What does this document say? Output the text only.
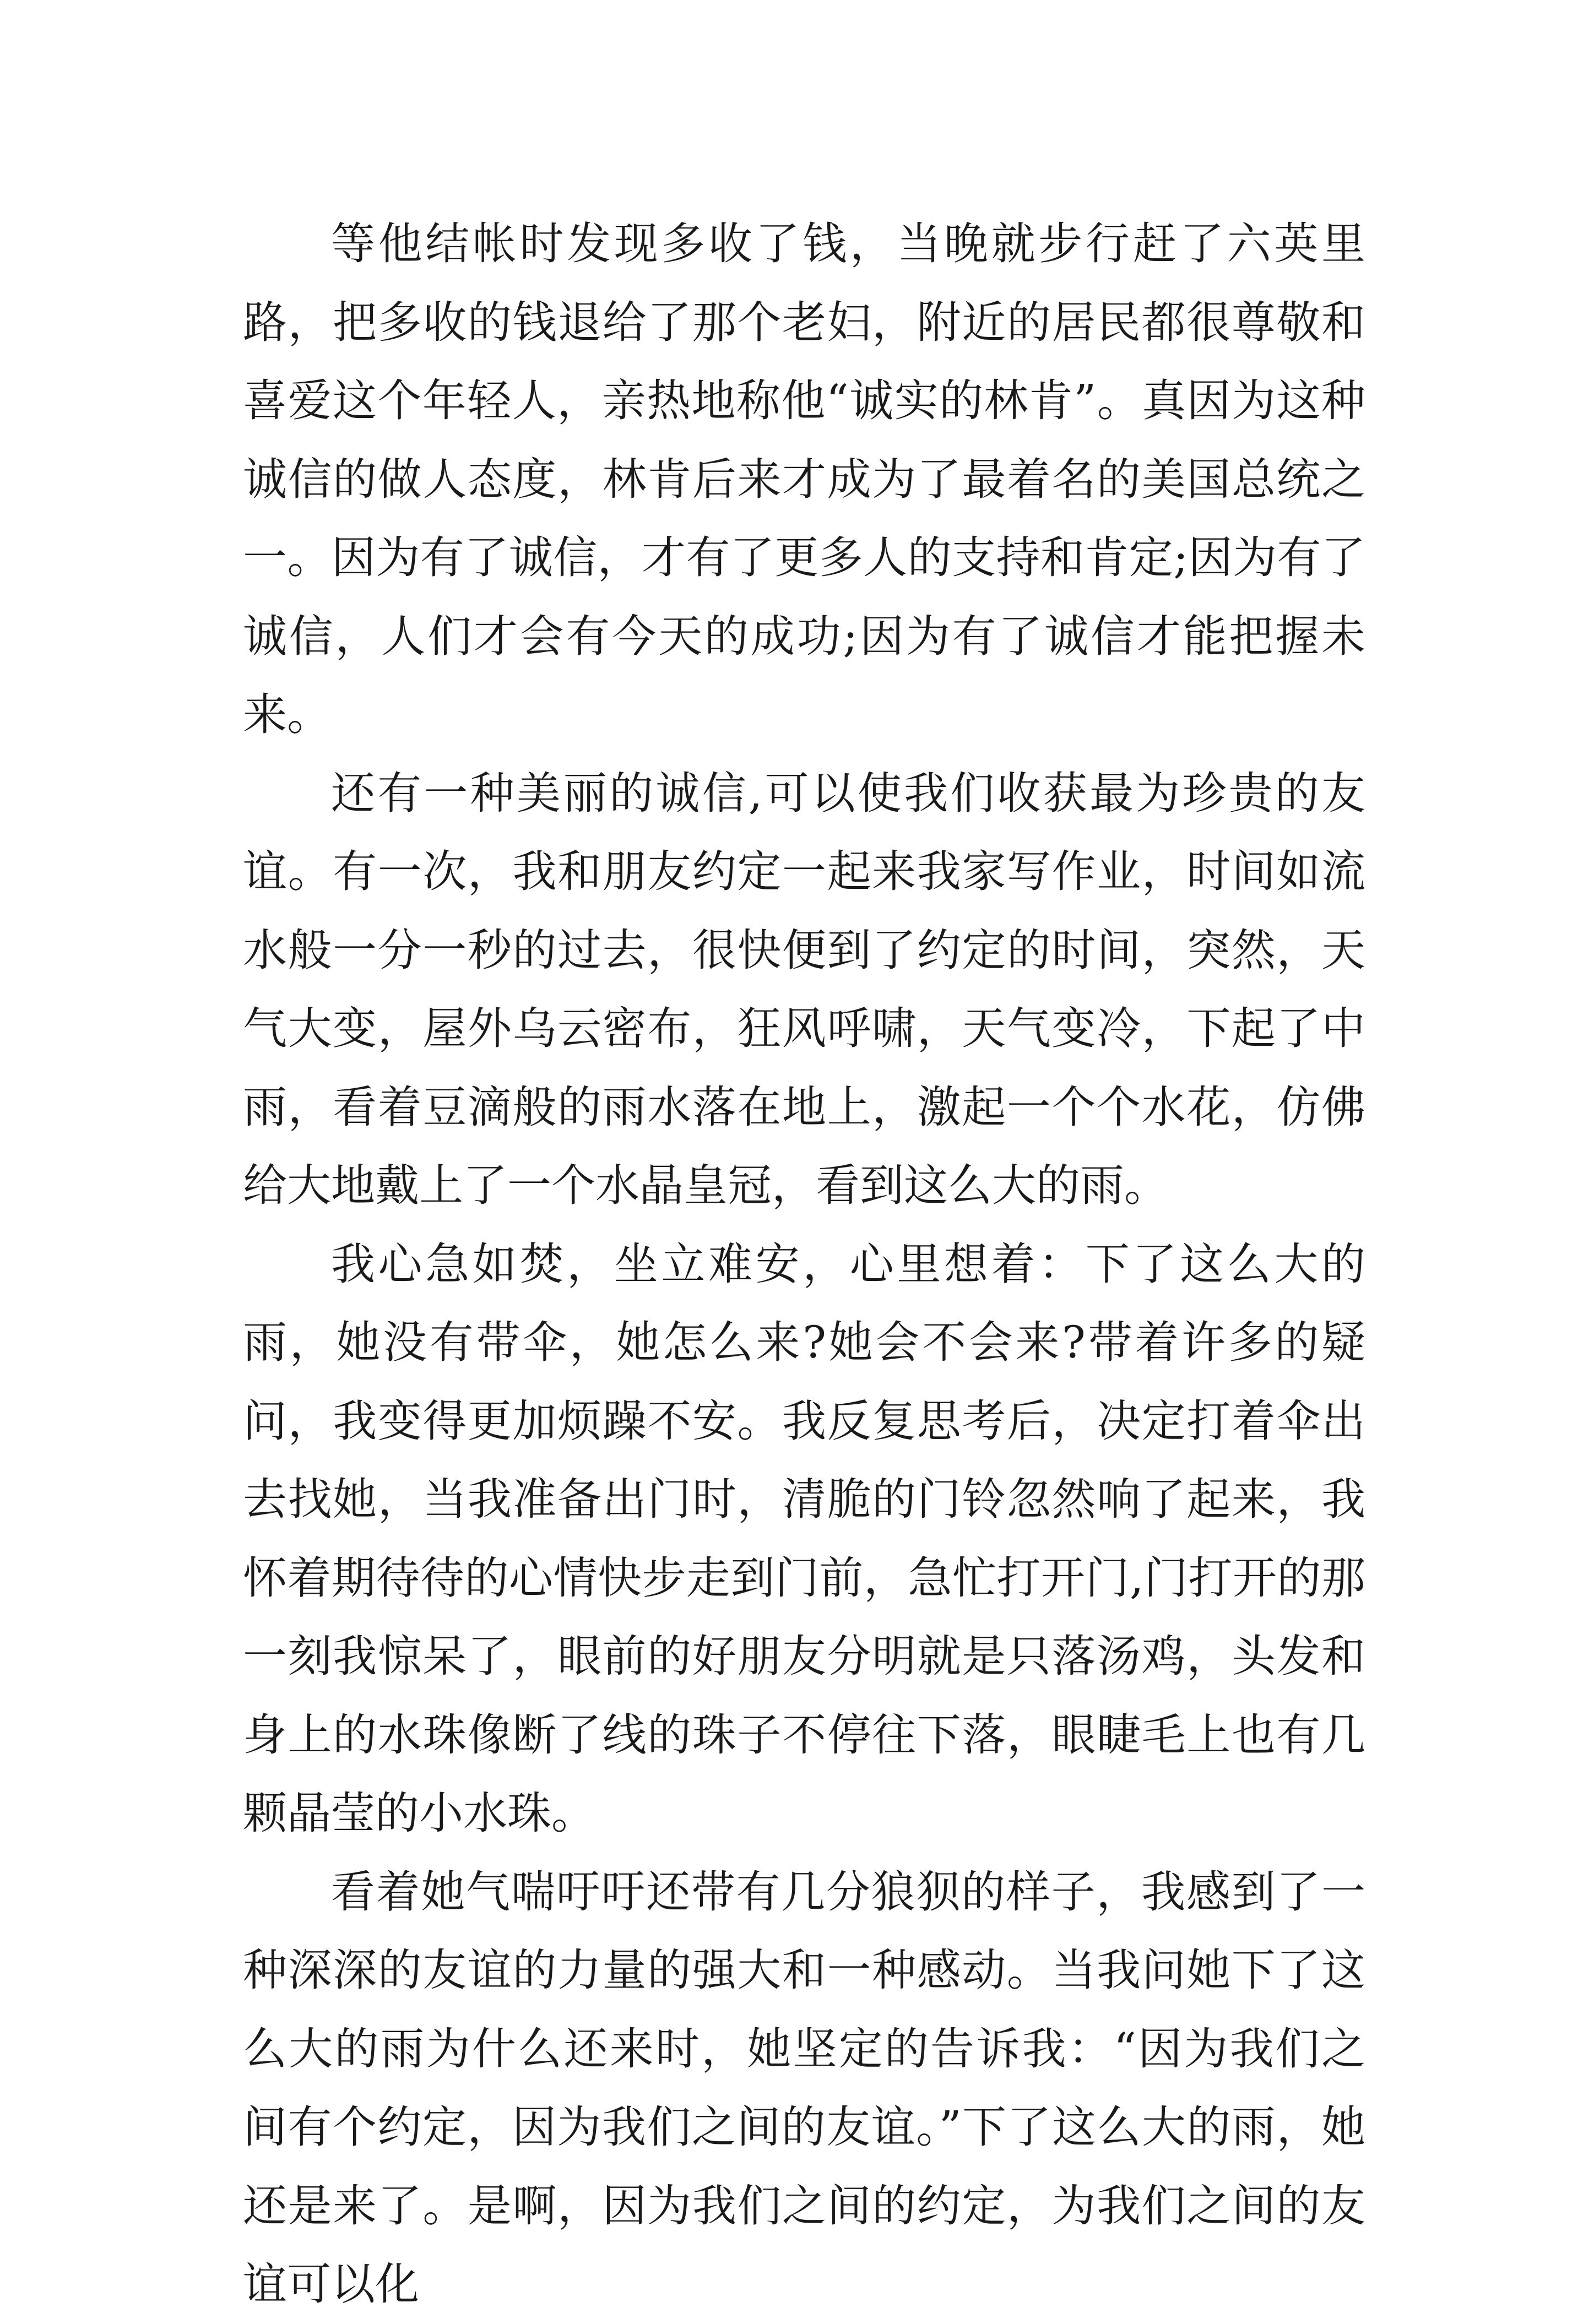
等他结帐时发现多收了钱，当晚就步行赶了六英里路，把多收的钱退给了那个老妇，附近的居民都很尊敬和喜爱这个年轻人，亲热地称他“诚实的林肯”。真因为这种诚信的做人态度，林肯后来才成为了最着名的美国总统之一。因为有了诚信，才有了更多人的支持和肯定;因为有了诚信，人们才会有今天的成功;因为有了诚信才能把握未来。

还有一种美丽的诚信,可以使我们收获最为珍贵的友谊。有一次，我和朋友约定一起来我家写作业，时间如流水般一分一秒的过去，很快便到了约定的时间，突然，天气大变，屋外乌云密布，狂风呼啸，天气变冷，下起了中雨，看着豆滴般的雨水落在地上，激起一个个水花，仿佛给大地戴上了一个水晶皇冠，看到这么大的雨。

我心急如焚，坐立难安，心里想着：下了这么大的雨，她没有带伞，她怎么来?她会不会来?带着许多的疑问，我变得更加烦躁不安。我反复思考后，决定打着伞出去找她，当我准备出门时，清脆的门铃忽然响了起来，我怀着期待待的心情快步走到门前，急忙打开门,门打开的那一刻我惊呆了，眼前的好朋友分明就是只落汤鸡，头发和身上的水珠像断了线的珠子不停往下落，眼睫毛上也有几颗晶莹的小水珠。

看着她气喘吁吁还带有几分狼狈的样子，我感到了一种深深的友谊的力量的强大和一种感动。当我问她下了这么大的雨为什么还来时，她坚定的告诉我：“因为我们之间有个约定，因为我们之间的友谊。”下了这么大的雨，她还是来了。是啊，因为我们之间的约定，为我们之间的友谊可以化
